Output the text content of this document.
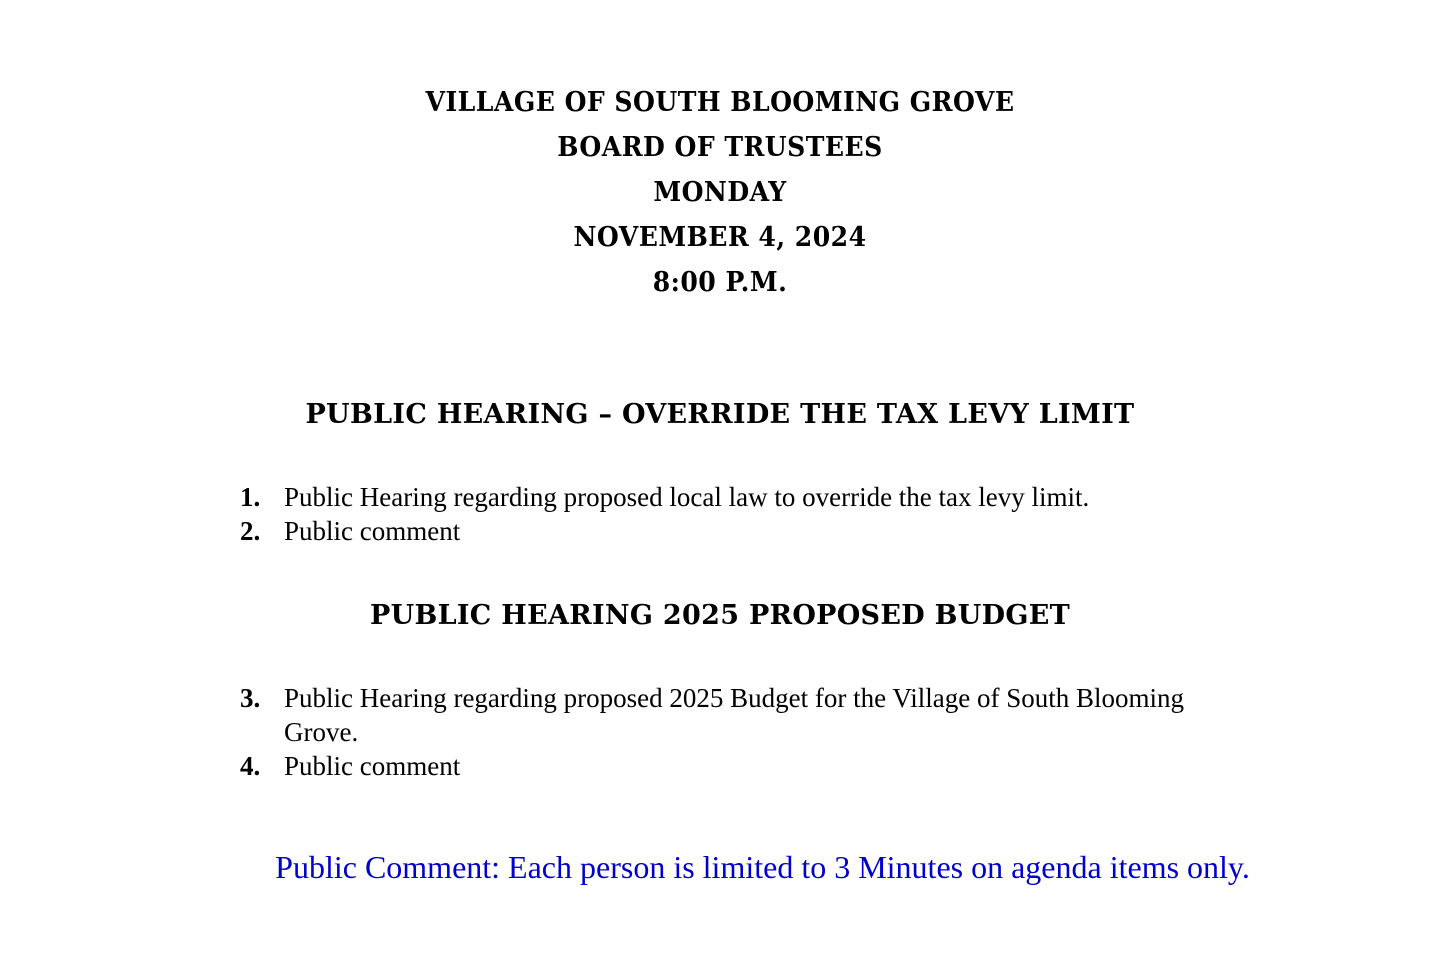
VILLAGE OF SOUTH BLOOMING GROVE
BOARD OF TRUSTEES
MONDAY
NOVEMBER 4, 2024
8:00 P.M.
PUBLIC HEARING – OVERRIDE THE TAX LEVY LIMIT
1. Public Hearing regarding proposed local law to override the tax levy limit.
2. Public comment
PUBLIC HEARING 2025 PROPOSED BUDGET
3. Public Hearing regarding proposed 2025 Budget for the Village of South Blooming Grove.
4. Public comment
Public Comment: Each person is limited to 3 Minutes on agenda items only.
